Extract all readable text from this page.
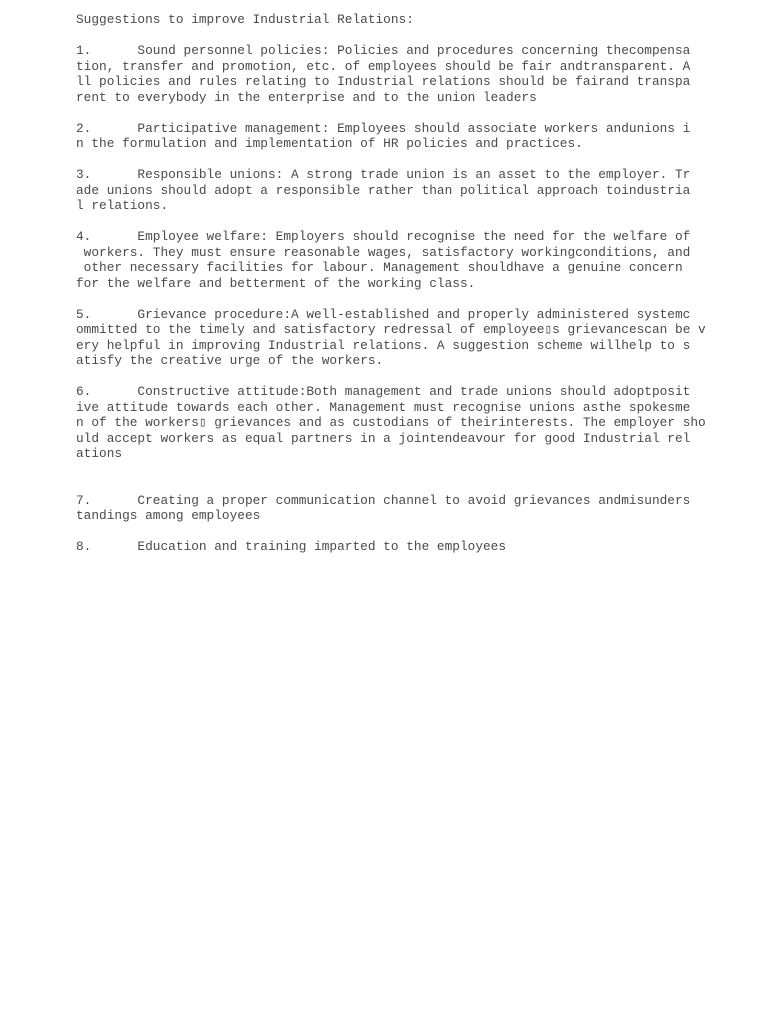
Suggestions to improve Industrial Relations:
1.      Sound personnel policies: Policies and procedures concerning thecompensa
tion, transfer and promotion, etc. of employees should be fair andtransparent. A
ll policies and rules relating to Industrial relations should be fairand transpa
rent to everybody in the enterprise and to the union leaders
2.      Participative management: Employees should associate workers andunions i
n the formulation and implementation of HR policies and practices.
3.      Responsible unions: A strong trade union is an asset to the employer. Tr
ade unions should adopt a responsible rather than political approach toindustria
l relations.
4.      Employee welfare: Employers should recognise the need for the welfare of
workers. They must ensure reasonable wages, satisfactory workingconditions, and
other necessary facilities for labour. Management shouldhave a genuine concern
for the welfare and betterment of the working class.
5.      Grievance procedure:A well-established and properly administered systemc
ommitted to the timely and satisfactory redressal of employee▯s grievancescan be v
ery helpful in improving Industrial relations. A suggestion scheme willhelp to s
atisfy the creative urge of the workers.
6.      Constructive attitude:Both management and trade unions should adoptposit
ive attitude towards each other. Management must recognise unions asthe spokesme
n of the workers▯ grievances and as custodians of theirinterests. The employer sho
uld accept workers as equal partners in a jointendeavour for good Industrial rel
ations
7.      Creating a proper communication channel to avoid grievances andmisunders
tandings among employees
8.      Education and training imparted to the employees
